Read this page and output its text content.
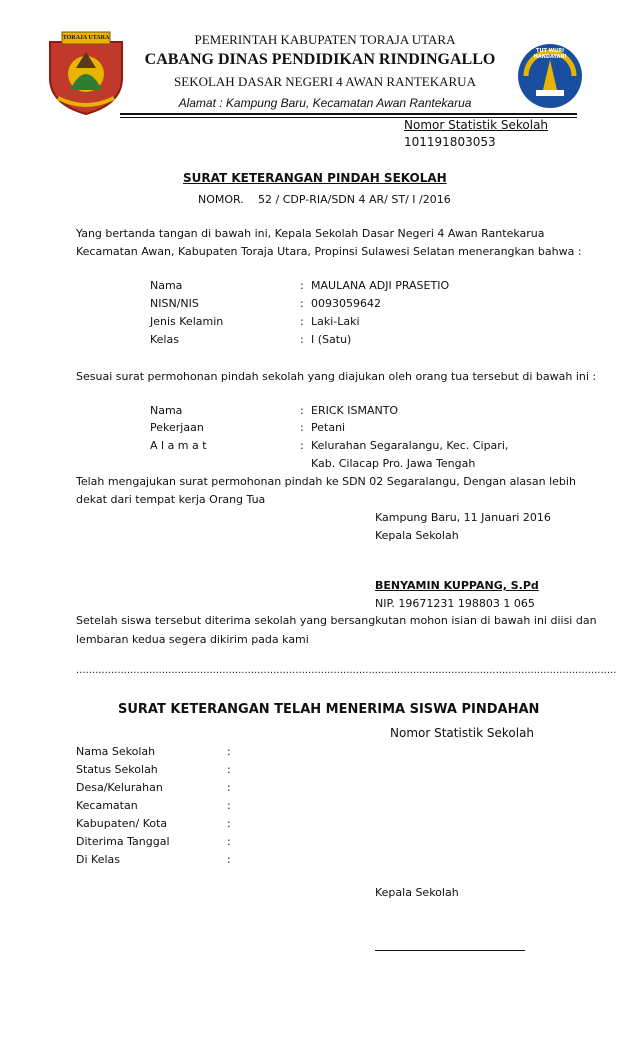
TORAJA UTARA
TUT WURI HANDAYANI
PEMERINTAH KABUPATEN TORAJA UTARA
CABANG DINAS PENDIDIKAN RINDINGALLO
SEKOLAH DASAR NEGERI 4 AWAN RANTEKARUA
Alamat : Kampung Baru, Kecamatan Awan Rantekarua
Nomor Statistik Sekolah
101191803053
SURAT KETERANGAN PINDAH SEKOLAH
NOMOR. 52 / CDP-RIA/SDN 4 AR/ ST/ I /2016
Yang bertanda tangan di bawah ini, Kepala Sekolah Dasar Negeri 4 Awan Rantekarua
Kecamatan Awan, Kabupaten Toraja Utara, Propinsi Sulawesi Selatan menerangkan bahwa :
Nama	: MAULANA ADJI PRASETIO
NISN/NIS	: 0093059642
Jenis Kelamin	: Laki-Laki
Kelas	: I (Satu)
Sesuai surat permohonan pindah sekolah yang diajukan oleh orang tua tersebut di bawah ini :
Nama	: ERICK ISMANTO
Pekerjaan	: Petani
A l a m a t	: Kelurahan Segaralangu, Kec. Cipari,
Kab. Cilacap Pro. Jawa Tengah
Telah mengajukan surat permohonan pindah ke SDN 02 Segaralangu, Dengan alasan lebih
dekat dari tempat kerja Orang Tua
Kampung Baru, 11 Januari 2016
Kepala Sekolah
BENYAMIN KUPPANG, S.Pd
NIP. 19671231 198803 1 065
Setelah siswa tersebut diterima sekolah yang bersangkutan mohon isian di bawah ini diisi dan
lembaran kedua segera dikirim pada kami
..........................................................................................................................................................................
SURAT KETERANGAN TELAH MENERIMA SISWA PINDAHAN
Nomor Statistik Sekolah
Nama Sekolah	:
Status Sekolah	:
Desa/Kelurahan	:
Kecamatan	:
Kabupaten/ Kota	:
Diterima Tanggal	:
Di Kelas	:
Kepala Sekolah
